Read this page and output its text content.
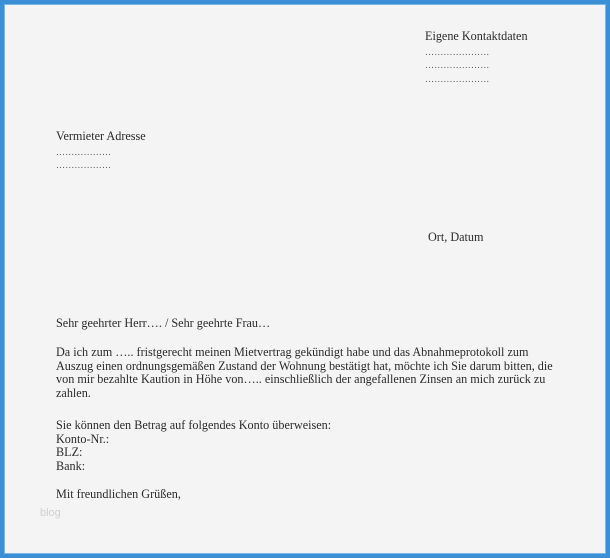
Eigene Kontaktdaten
…………………
…………………
…………………
Vermieter Adresse
………………
………………
Ort, Datum
Sehr geehrter Herr…. / Sehr geehrte Frau…
Da ich zum ….. fristgerecht meinen Mietvertrag gekündigt habe und das Abnahmeprotokoll zum Auszug einen ordnungsgemäßen Zustand der Wohnung bestätigt hat, möchte ich Sie darum bitten, die von mir bezahlte Kaution in Höhe von….. einschließlich der angefallenen Zinsen an mich zurück zu zahlen.
Sie können den Betrag auf folgendes Konto überweisen:
Konto-Nr.:
BLZ:
Bank:
Mit freundlichen Grüßen,
blog
